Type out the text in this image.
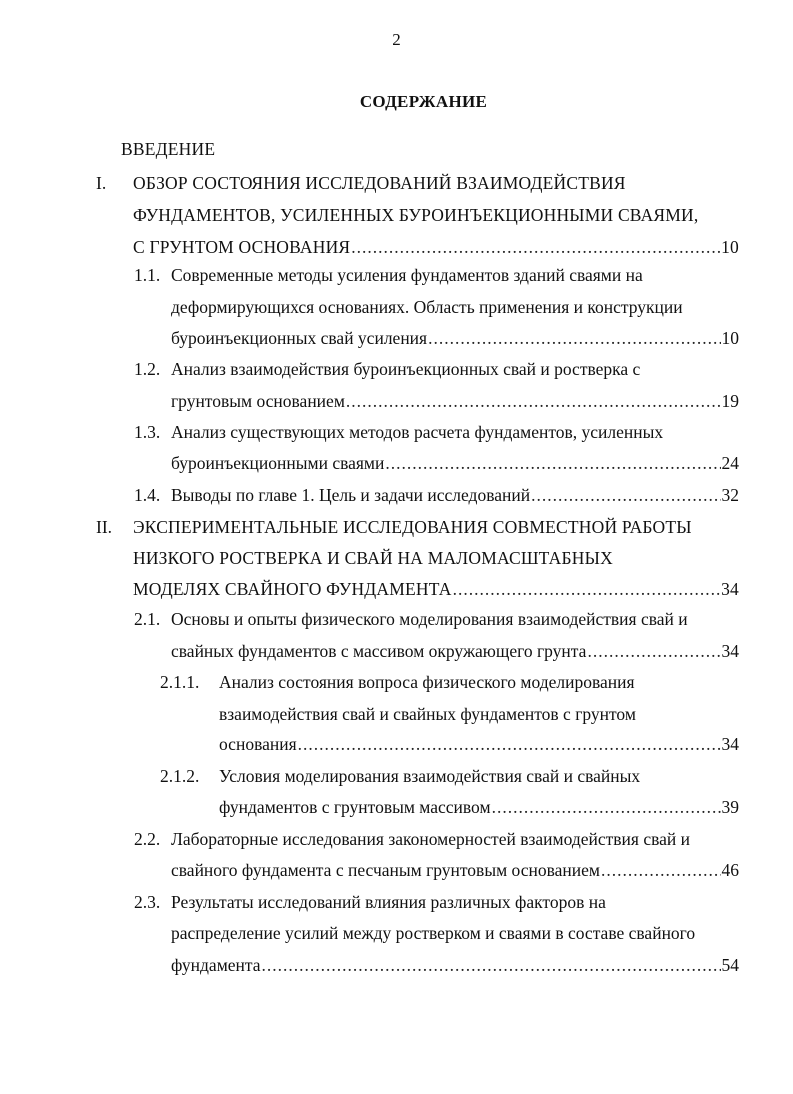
2
СОДЕРЖАНИЕ
ВВЕДЕНИЕ
I. ОБЗОР СОСТОЯНИЯ ИССЛЕДОВАНИЙ ВЗАИМОДЕЙСТВИЯ
ФУНДАМЕНТОВ, УСИЛЕННЫХ БУРОИНЪЕКЦИОННЫМИ СВАЯМИ,
С ГРУНТОМ ОСНОВАНИЯ .....	10
1.1. Современные методы усиления фундаментов зданий сваями на
деформирующихся основаниях. Область применения и конструкции
буроинъекционных свай усиления .....	10
1.2. Анализ взаимодействия буроинъекционных свай и ростверка с
грунтовым основанием .....	19
1.3. Анализ существующих методов расчета фундаментов, усиленных
буроинъекционными сваями .....	24
1.4. Выводы по главе 1. Цель и задачи исследований .....	32
II. ЭКСПЕРИМЕНТАЛЬНЫЕ ИССЛЕДОВАНИЯ СОВМЕСТНОЙ РАБОТЫ
НИЗКОГО РОСТВЕРКА И СВАЙ НА МАЛОМАСШТАБНЫХ
МОДЕЛЯХ СВАЙНОГО ФУНДАМЕНТА .....	34
2.1. Основы и опыты физического моделирования взаимодействия свай и
свайных фундаментов с массивом окружающего грунта .....	34
2.1.1. Анализ состояния вопроса физического моделирования
взаимодействия свай и свайных фундаментов с грунтом
основания .....	34
2.1.2. Условия моделирования взаимодействия свай и свайных
фундаментов с грунтовым массивом .....	39
2.2. Лабораторные исследования закономерностей взаимодействия свай и
свайного фундамента с песчаным грунтовым основанием .....	46
2.3. Результаты исследований влияния различных факторов на
распределение усилий между ростверком и сваями в составе свайного
фундамента .....	54
